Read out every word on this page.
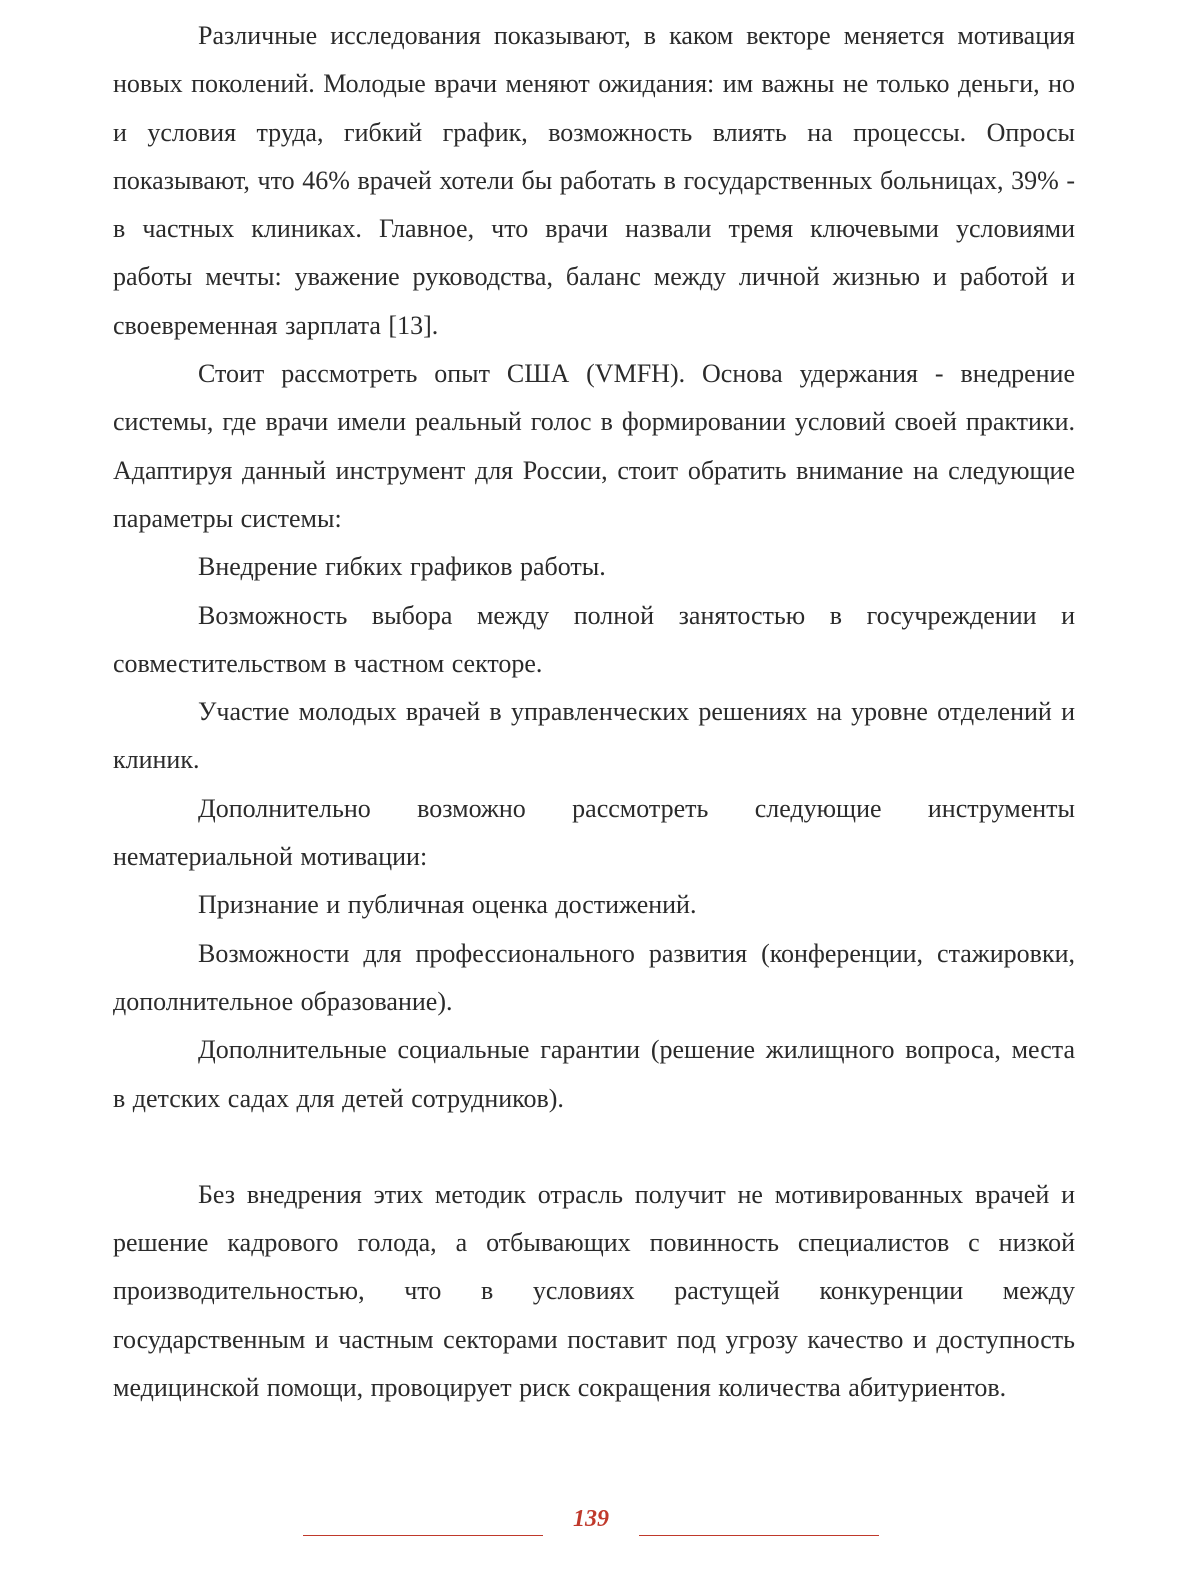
Различные исследования показывают, в каком векторе меняется мотивация новых поколений. Молодые врачи меняют ожидания: им важны не только деньги, но и условия труда, гибкий график, возможность влиять на процессы. Опросы показывают, что 46% врачей хотели бы работать в государственных больницах, 39% - в частных клиниках. Главное, что врачи назвали тремя ключевыми условиями работы мечты: уважение руководства, баланс между личной жизнью и работой и своевременная зарплата [13].

Стоит рассмотреть опыт США (VMFH). Основа удержания - внедрение системы, где врачи имели реальный голос в формировании условий своей практики. Адаптируя данный инструмент для России, стоит обратить внимание на следующие параметры системы:

Внедрение гибких графиков работы.

Возможность выбора между полной занятостью в госучреждении и совместительством в частном секторе.

Участие молодых врачей в управленческих решениях на уровне отделений и клиник.

Дополнительно возможно рассмотреть следующие инструменты нематериальной мотивации:

Признание и публичная оценка достижений.

Возможности для профессионального развития (конференции, стажировки, дополнительное образование).

Дополнительные социальные гарантии (решение жилищного вопроса, места в детских садах для детей сотрудников).

Без внедрения этих методик отрасль получит не мотивированных врачей и решение кадрового голода, а отбывающих повинность специалистов с низкой производительностью, что в условиях растущей конкуренции между государственным и частным секторами поставит под угрозу качество и доступность медицинской помощи, провоцирует риск сокращения количества абитуриентов.

139
